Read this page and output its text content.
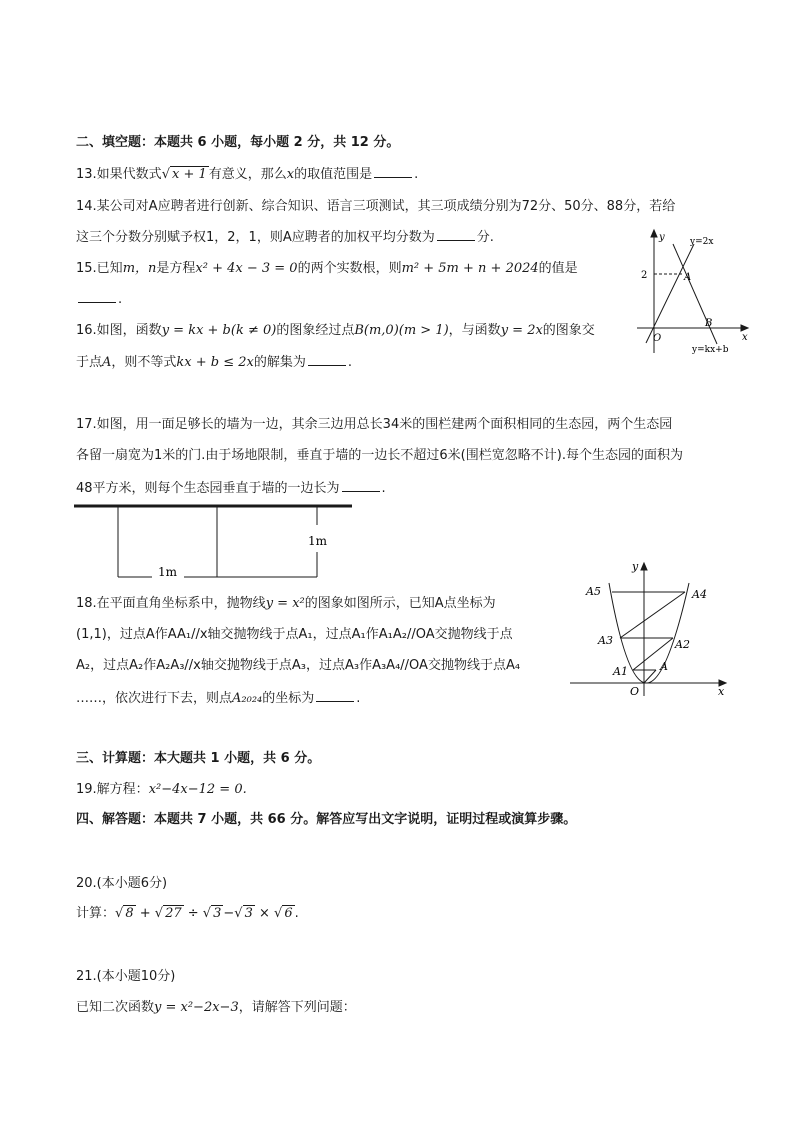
二、填空题：本题共 6 小题，每小题 2 分，共 12 分。
13.如果代数式√ x + 1 有意义，那么x的取值范围是	.
14.某公司对A应聘者进行创新、综合知识、语言三项测试，其三项成绩分别为72分、50分、88分，若给
这三个分数分别赋予权1，2，1，则A应聘者的加权平均分数为	分.
15.已知m，n是方程x² + 4x − 3 = 0的两个实数根，则m² + 5m + n + 2024的值是
.
16.如图，函数y = kx + b(k ≠ 0)的图象经过点B(m,0)(m > 1)，与函数y = 2x的图象交
于点A，则不等式kx + b ≤ 2x的解集为	.
y
x
O
2	A
B
y=2x
y=kx+b
17.如图，用一面足够长的墙为一边，其余三边用总长34米的围栏建两个面积相同的生态园，两个生态园
各留一扇宽为1米的门.由于场地限制，垂直于墙的一边长不超过6米(围栏宽忽略不计).每个生态园的面积为
48平方米，则每个生态园垂直于墙的一边长为	.
1m
1m
18.在平面直角坐标系中，抛物线y = x²的图象如图所示，已知A点坐标为
(1,1)，过点A作AA₁//x轴交抛物线于点A₁，过点A₁作A₁A₂//OA交抛物线于点
A₂，过点A₂作A₂A₃//x轴交抛物线于点A₃，过点A₃作A₃A₄//OA交抛物线于点A₄
……，依次进行下去，则点A₂₀₂₄的坐标为	.
y
x
O
A
A1
A2
A3
A4
A5
三、计算题：本大题共 1 小题，共 6 分。
19.解方程：x²−4x−12 = 0.
四、解答题：本题共 7 小题，共 66 分。解答应写出文字说明，证明过程或演算步骤。
20.(本小题6分)
计算：√ 8 + √ 27 ÷ √ 3 −√ 3 × √ 6 .
21.(本小题10分)
已知二次函数y = x²−2x−3，请解答下列问题：
